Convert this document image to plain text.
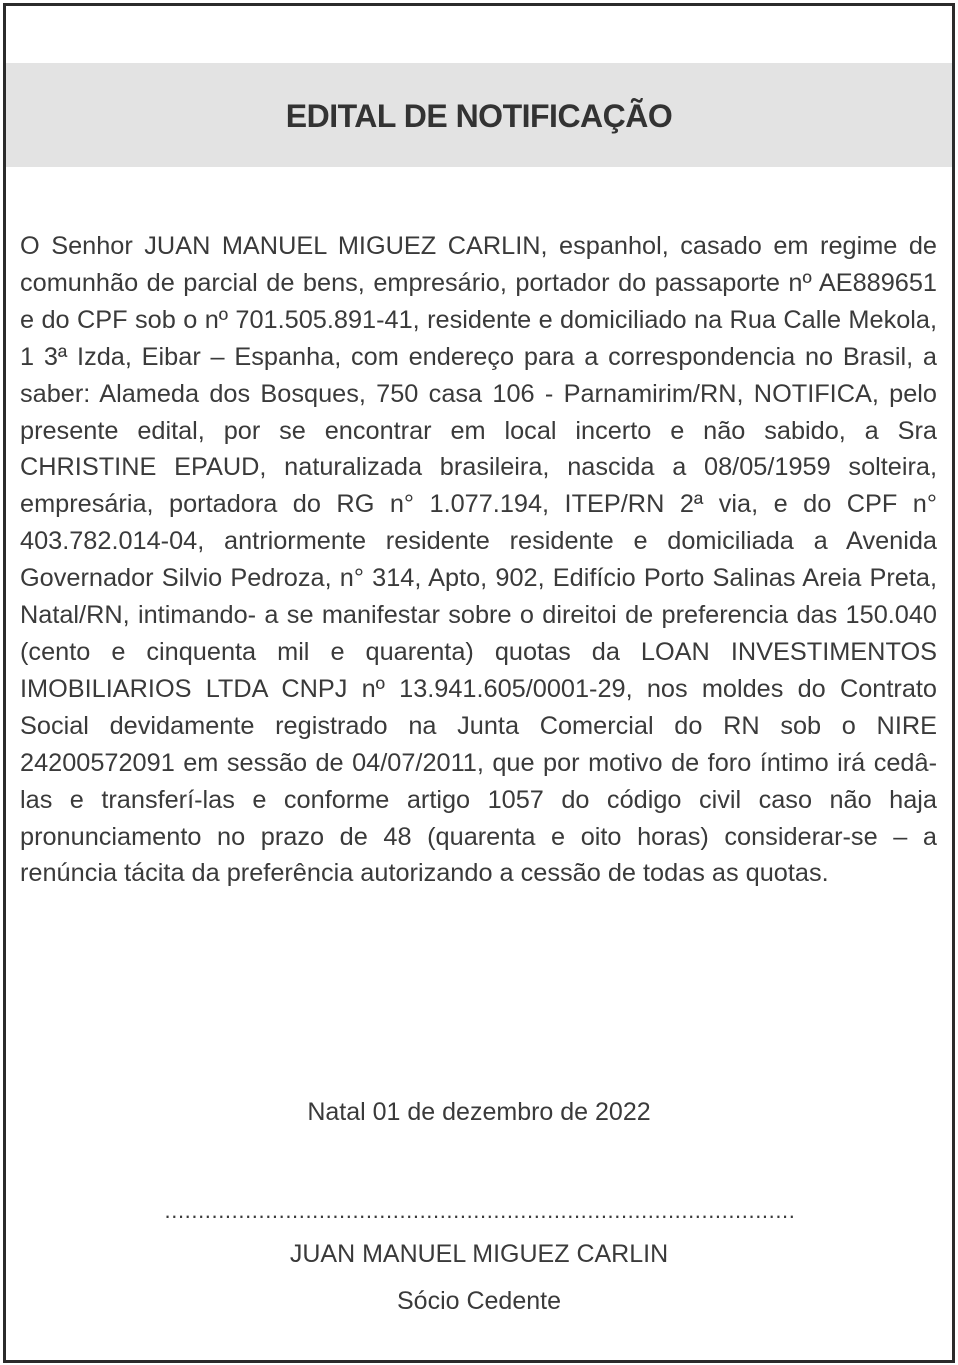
EDITAL DE NOTIFICAÇÃO

O Senhor JUAN MANUEL MIGUEZ CARLIN, espanhol, casado em regime de comunhão de parcial de bens, empresário, portador do passaporte nº AE889651 e do CPF sob o nº 701.505.891-41, residente e domiciliado na Rua Calle Mekola, 1 3ª Izda, Eibar – Espanha, com endereço para a correspondencia no Brasil, a saber: Alameda dos Bosques, 750 casa 106 - Parnamirim/RN, NOTIFICA, pelo presente edital, por se encontrar em local incerto e não sabido, a Sra CHRISTINE EPAUD, naturalizada brasileira, nascida a 08/05/1959 solteira, empresária, portadora do RG n° 1.077.194, ITEP/RN 2ª via, e do CPF n° 403.782.014-04, antriormente residente residente e domiciliada a Avenida Governador Silvio Pedroza, n° 314, Apto, 902, Edifício Porto Salinas Areia Preta, Natal/RN, intimando- a se manifestar sobre o direitoi de preferencia das 150.040 (cento e cinquenta mil e quarenta) quotas da LOAN INVESTIMENTOS IMOBILIARIOS LTDA CNPJ nº 13.941.605/0001-29, nos moldes do Contrato Social devidamente registrado na Junta Comercial do RN sob o NIRE 24200572091 em sessão de 04/07/2011, que por motivo de foro íntimo irá cedâ-las e transferí-las e conforme artigo 1057 do código civil caso não haja pronunciamento no prazo de 48 (quarenta e oito horas) considerar-se – a renúncia tácita da preferência autorizando a cessão de todas as quotas.

Natal 01 de dezembro de 2022

..............................................................................................

JUAN MANUEL MIGUEZ CARLIN

Sócio Cedente
